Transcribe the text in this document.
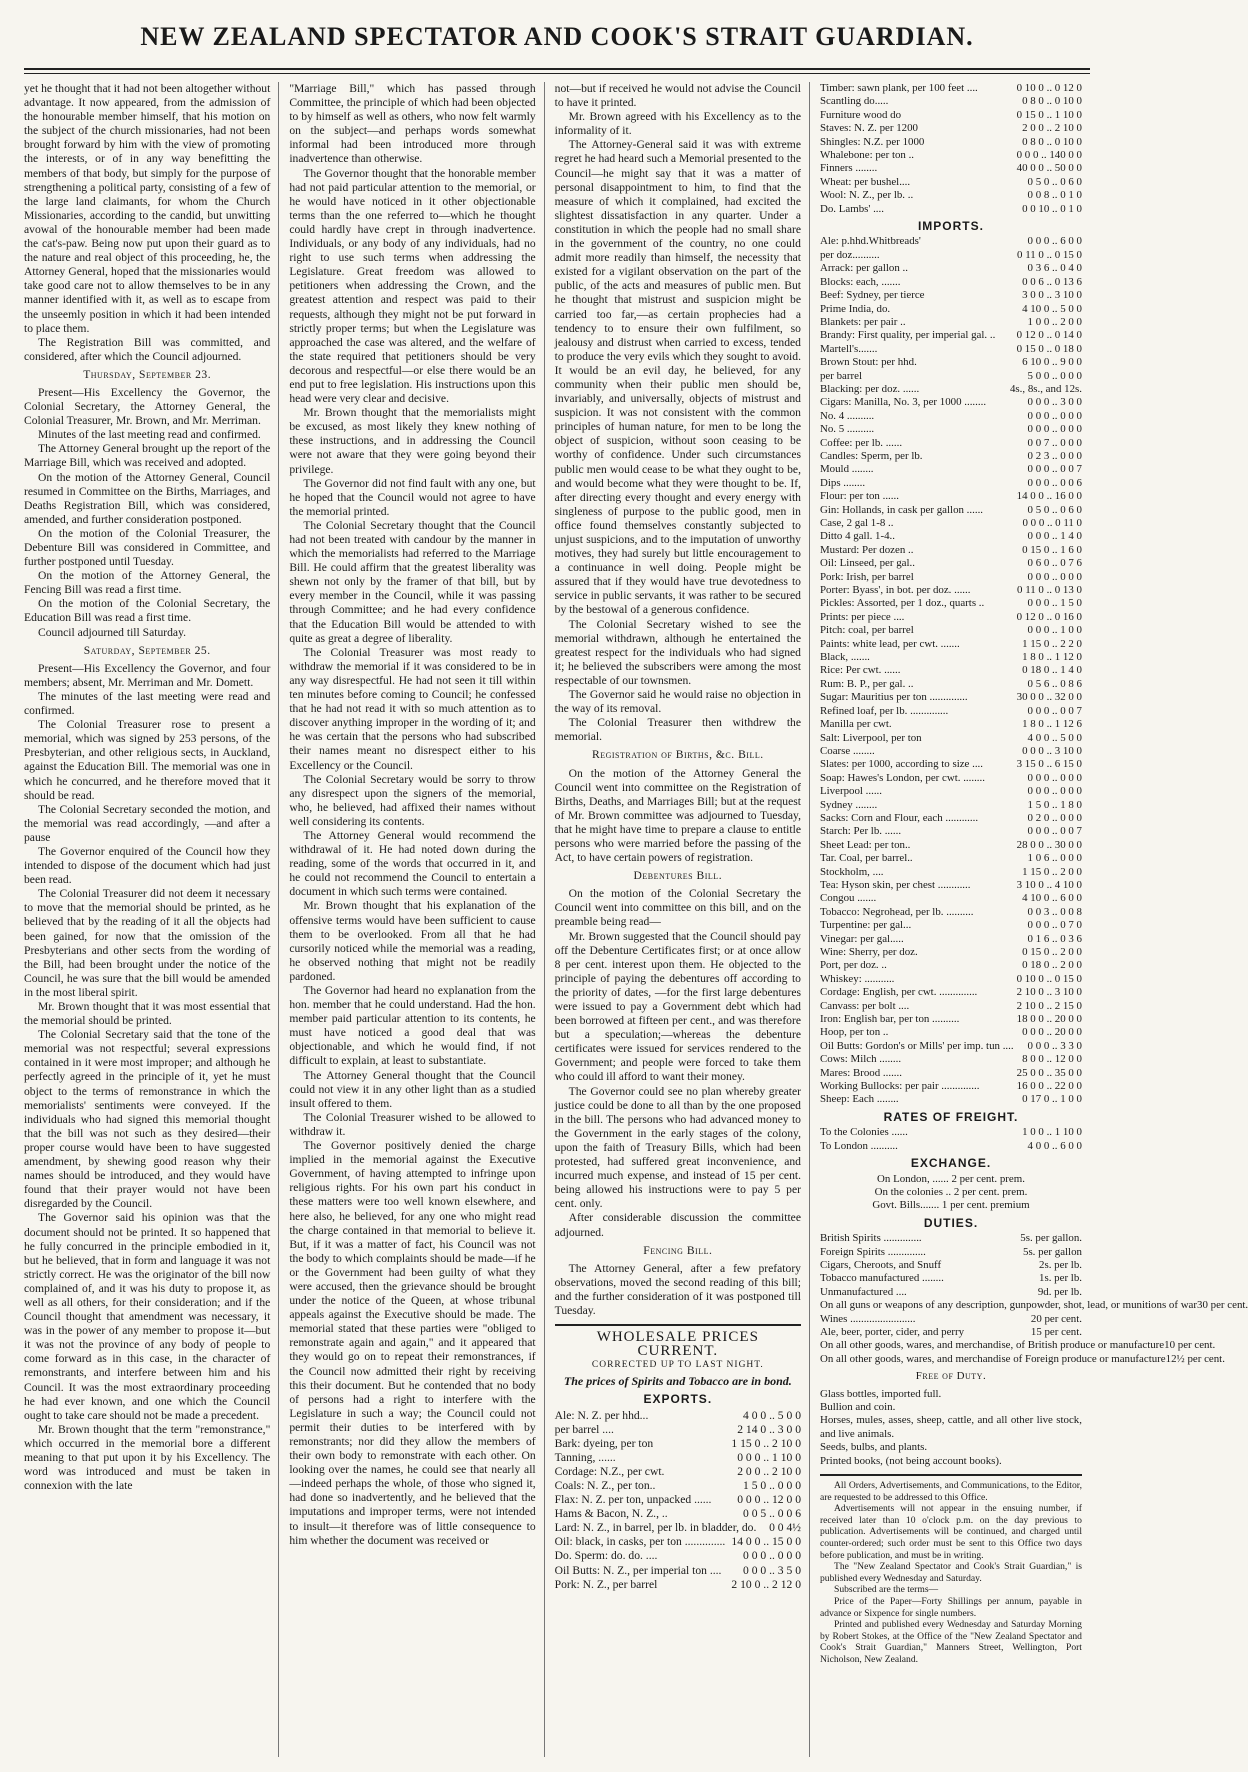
NEW ZEALAND SPECTATOR AND COOK'S STRAIT GUARDIAN.

yet he thought that it had not been altogether without advantage. It now appeared, from the admission of the honourable member himself, that his motion on the subject of the church missionaries, had not been brought forward by him with the view of promoting the interests, or of in any way benefitting the members of that body, but simply for the purpose of strengthening a political party, consisting of a few of the large land claimants, for whom the Church Missionaries, according to the candid, but unwitting avowal of the honourable member had been made the cat's-paw. Being now put upon their guard as to the nature and real object of this proceeding, he, the Attorney General, hoped that the missionaries would take good care not to allow themselves to be in any manner identified with it, as well as to escape from the unseemly position in which it had been intended to place them.

The Registration Bill was committed, and considered, after which the Council adjourned.

Thursday, September 23.

Present—His Excellency the Governor, the Colonial Secretary, the Attorney General, the Colonial Treasurer, Mr. Brown, and Mr. Merriman.

Minutes of the last meeting read and confirmed.

The Attorney General brought up the report of the Marriage Bill, which was received and adopted.

On the motion of the Attorney General, Council resumed in Committee on the Births, Marriages, and Deaths Registration Bill, which was considered, amended, and further consideration postponed.

On the motion of the Colonial Treasurer, the Debenture Bill was considered in Committee, and further postponed until Tuesday.

On the motion of the Attorney General, the Fencing Bill was read a first time.

On the motion of the Colonial Secretary, the Education Bill was read a first time.

Council adjourned till Saturday.

Saturday, September 25.

Present—His Excellency the Governor, and four members; absent, Mr. Merriman and Mr. Domett.

The minutes of the last meeting were read and confirmed.

The Colonial Treasurer rose to present a memorial, which was signed by 253 persons, of the Presbyterian, and other religious sects, in Auckland, against the Education Bill. The memorial was one in which he concurred, and he therefore moved that it should be read.

The Colonial Secretary seconded the motion, and the memorial was read accordingly, —and after a pause

The Governor enquired of the Council how they intended to dispose of the document which had just been read.

The Colonial Treasurer did not deem it necessary to move that the memorial should be printed, as he believed that by the reading of it all the objects had been gained, for now that the omission of the Presbyterians and other sects from the wording of the Bill, had been brought under the notice of the Council, he was sure that the bill would be amended in the most liberal spirit.

Mr. Brown thought that it was most essential that the memorial should be printed.

The Colonial Secretary said that the tone of the memorial was not respectful; several expressions contained in it were most improper; and although he perfectly agreed in the principle of it, yet he must object to the terms of remonstrance in which the memorialists' sentiments were conveyed. If the individuals who had signed this memorial thought that the bill was not such as they desired—their proper course would have been to have suggested amendment, by shewing good reason why their names should be introduced, and they would have found that their prayer would not have been disregarded by the Council.

The Governor said his opinion was that the document should not be printed. It so happened that he fully concurred in the principle embodied in it, but he believed, that in form and language it was not strictly correct. He was the originator of the bill now complained of, and it was his duty to propose it, as well as all others, for their consideration; and if the Council thought that amendment was necessary, it was in the power of any member to propose it—but it was not the province of any body of people to come forward as in this case, in the character of remonstrants, and interfere between him and his Council. It was the most extraordinary proceeding he had ever known, and one which the Council ought to take care should not be made a precedent.

Mr. Brown thought that the term "remonstrance," which occurred in the memorial bore a different meaning to that put upon it by his Excellency. The word was introduced and must be taken in connexion with the late

"Marriage Bill," which has passed through Committee, the principle of which had been objected to by himself as well as others, who now felt warmly on the subject—and perhaps words somewhat informal had been introduced more through inadvertence than otherwise.

The Governor thought that the honorable member had not paid particular attention to the memorial, or he would have noticed in it other objectionable terms than the one referred to—which he thought could hardly have crept in through inadvertence. Individuals, or any body of any individuals, had no right to use such terms when addressing the Legislature. Great freedom was allowed to petitioners when addressing the Crown, and the greatest attention and respect was paid to their requests, although they might not be put forward in strictly proper terms; but when the Legislature was approached the case was altered, and the welfare of the state required that petitioners should be very decorous and respectful—or else there would be an end put to free legislation. His instructions upon this head were very clear and decisive.

Mr. Brown thought that the memorialists might be excused, as most likely they knew nothing of these instructions, and in addressing the Council were not aware that they were going beyond their privilege.

The Governor did not find fault with any one, but he hoped that the Council would not agree to have the memorial printed.

The Colonial Secretary thought that the Council had not been treated with candour by the manner in which the memorialists had referred to the Marriage Bill. He could affirm that the greatest liberality was shewn not only by the framer of that bill, but by every member in the Council, while it was passing through Committee; and he had every confidence that the Education Bill would be attended to with quite as great a degree of liberality.

The Colonial Treasurer was most ready to withdraw the memorial if it was considered to be in any way disrespectful. He had not seen it till within ten minutes before coming to Council; he confessed that he had not read it with so much attention as to discover anything improper in the wording of it; and he was certain that the persons who had subscribed their names meant no disrespect either to his Excellency or the Council.

The Colonial Secretary would be sorry to throw any disrespect upon the signers of the memorial, who, he believed, had affixed their names without well considering its contents.

The Attorney General would recommend the withdrawal of it. He had noted down during the reading, some of the words that occurred in it, and he could not recommend the Council to entertain a document in which such terms were contained.

Mr. Brown thought that his explanation of the offensive terms would have been sufficient to cause them to be overlooked. From all that he had cursorily noticed while the memorial was a reading, he observed nothing that might not be readily pardoned.

The Governor had heard no explanation from the hon. member that he could understand. Had the hon. member paid particular attention to its contents, he must have noticed a good deal that was objectionable, and which he would find, if not difficult to explain, at least to substantiate.

The Attorney General thought that the Council could not view it in any other light than as a studied insult offered to them.

The Colonial Treasurer wished to be allowed to withdraw it.

The Governor positively denied the charge implied in the memorial against the Executive Government, of having attempted to infringe upon religious rights. For his own part his conduct in these matters were too well known elsewhere, and here also, he believed, for any one who might read the charge contained in that memorial to believe it. But, if it was a matter of fact, his Council was not the body to which complaints should be made—if he or the Government had been guilty of what they were accused, then the grievance should be brought under the notice of the Queen, at whose tribunal appeals against the Executive should be made. The memorial stated that these parties were "obliged to remonstrate again and again," and it appeared that they would go on to repeat their remonstrances, if the Council now admitted their right by receiving this their document. But he contended that no body of persons had a right to interfere with the Legislature in such a way; the Council could not permit their duties to be interfered with by remonstrants; nor did they allow the members of their own body to remonstrate with each other. On looking over the names, he could see that nearly all—indeed perhaps the whole, of those who signed it, had done so inadvertently, and he believed that the imputations and improper terms, were not intended to insult—it therefore was of little consequence to him whether the document was received or

not—but if received he would not advise the Council to have it printed.

Mr. Brown agreed with his Excellency as to the informality of it.

The Attorney-General said it was with extreme regret he had heard such a Memorial presented to the Council—he might say that it was a matter of personal disappointment to him, to find that the measure of which it complained, had excited the slightest dissatisfaction in any quarter. Under a constitution in which the people had no small share in the government of the country, no one could admit more readily than himself, the necessity that existed for a vigilant observation on the part of the public, of the acts and measures of public men. But he thought that mistrust and suspicion might be carried too far,—as certain prophecies had a tendency to to ensure their own fulfilment, so jealousy and distrust when carried to excess, tended to produce the very evils which they sought to avoid. It would be an evil day, he believed, for any community when their public men should be, invariably, and universally, objects of mistrust and suspicion. It was not consistent with the common principles of human nature, for men to be long the object of suspicion, without soon ceasing to be worthy of confidence. Under such circumstances public men would cease to be what they ought to be, and would become what they were thought to be. If, after directing every thought and every energy with singleness of purpose to the public good, men in office found themselves constantly subjected to unjust suspicions, and to the imputation of unworthy motives, they had surely but little encouragement to a continuance in well doing. People might be assured that if they would have true devotedness to service in public servants, it was rather to be secured by the bestowal of a generous confidence.

The Colonial Secretary wished to see the memorial withdrawn, although he entertained the greatest respect for the individuals who had signed it; he believed the subscribers were among the most respectable of our townsmen.

The Governor said he would raise no objection in the way of its removal.

The Colonial Treasurer then withdrew the memorial.

Registration of Births, &c. Bill.

On the motion of the Attorney General the Council went into committee on the Registration of Births, Deaths, and Marriages Bill; but at the request of Mr. Brown committee was adjourned to Tuesday, that he might have time to prepare a clause to entitle persons who were married before the passing of the Act, to have certain powers of registration.

Debentures Bill.

On the motion of the Colonial Secretary the Council went into committee on this bill, and on the preamble being read—

Mr. Brown suggested that the Council should pay off the Debenture Certificates first; or at once allow 8 per cent. interest upon them. He objected to the principle of paying the debentures off according to the priority of dates, —for the first large debentures were issued to pay a Government debt which had been borrowed at fifteen per cent., and was therefore but a speculation;—whereas the debenture certificates were issued for services rendered to the Government; and people were forced to take them who could ill afford to want their money.

The Governor could see no plan whereby greater justice could be done to all than by the one proposed in the bill. The persons who had advanced money to the Government in the early stages of the colony, upon the faith of Treasury Bills, which had been protested, had suffered great inconvenience, and incurred much expense, and instead of 15 per cent. being allowed his instructions were to pay 5 per cent. only.

After considerable discussion the committee adjourned.

Fencing Bill.

The Attorney General, after a few prefatory observations, moved the second reading of this bill; and the further consideration of it was postponed till Tuesday.

WHOLESALE PRICES CURRENT.
CORRECTED UP TO LAST NIGHT.
The prices of Spirits and Tobacco are in bond.
EXPORTS.
Ale: N. Z. per hhd...	4 0 0 .. 5 0 0
per barrel ....	2 14 0 .. 3 0 0
Bark: dyeing, per ton	1 15 0 .. 2 10 0
Tanning, ......	0 0 0 .. 1 10 0
Cordage: N.Z., per cwt.	2 0 0 .. 2 10 0
Coals: N. Z., per ton..	1 5 0 .. 0 0 0
Flax: N. Z. per ton, unpacked ...... 0 0 0 .. 12 0 0
Hams & Bacon, N. Z., ..	0 0 5 .. 0 0 6
Lard: N. Z., in barrel, per lb. in bladder, do. 0 0 4½
Oil: black, in casks, per ton .............. 14 0 0 .. 15 0 0
Do. Sperm: do. do. ....	0 0 0 .. 0 0 0
Oil Butts: N. Z., per imperial ton .... 0 0 0 .. 3 5 0
Pork: N. Z., per barrel	2 10 0 .. 2 12 0
Timber: sawn plank, per 100 feet ....	0 10 0 .. 0 12 0
Scantling do.....	0 8 0 .. 0 10 0
Furniture wood do	0 15 0 .. 1 10 0
Staves: N. Z. per 1200	2 0 0 .. 2 10 0
Shingles: N.Z. per 1000	0 8 0 .. 0 10 0
Whalebone: per ton ..	0 0 0 .. 140 0 0
Finners ........	40 0 0 .. 50 0 0
Wheat: per bushel....	0 5 0 .. 0 6 0
Wool: N. Z., per lb. ..	0 0 8 .. 0 1 0
Do. Lambs' ....	0 0 10 .. 0 1 0
IMPORTS.
Ale: p.hhd.Whitbreads'	0 0 0 .. 6 0 0
per doz..........	0 11 0 .. 0 15 0
Arrack: per gallon ..	0 3 6 .. 0 4 0
Blocks: each, .......	0 0 6 .. 0 13 6
Beef: Sydney, per tierce	3 0 0 .. 3 10 0
Prime India, do.	4 10 0 .. 5 0 0
Blankets: per pair ..	1 0 0 .. 2 0 0
Brandy: First quality, per imperial gal. .. 0 12 0 .. 0 14 0
Martell's.......	0 15 0 .. 0 18 0
Brown Stout: per hhd.	6 10 0 .. 9 0 0
per barrel	5 0 0 .. 0 0 0
Blacking: per doz. ......	4s., 8s., and 12s.
Cigars: Manilla, No. 3, per 1000 ........	0 0 0 .. 3 0 0
No. 4 ..........	0 0 0 .. 0 0 0
No. 5 ..........	0 0 0 .. 0 0 0
Coffee: per lb. ......	0 0 7 .. 0 0 0
Candles: Sperm, per lb.	0 2 3 .. 0 0 0
Mould ........	0 0 0 .. 0 0 7
Dips ........	0 0 0 .. 0 0 6
Flour: per ton ......	14 0 0 .. 16 0 0
Gin: Hollands, in cask per gallon ......	0 5 0 .. 0 6 0
Case, 2 gal 1-8 ..	0 0 0 .. 0 11 0
Ditto 4 gall. 1-4..	0 0 0 .. 1 4 0
Mustard: Per dozen ..	0 15 0 .. 1 6 0
Oil: Linseed, per gal..	0 6 0 .. 0 7 6
Pork: Irish, per barrel	0 0 0 .. 0 0 0
Porter: Byass', in bot. per doz. ......	0 11 0 .. 0 13 0
Pickles: Assorted, per 1 doz., quarts ..	0 0 0 .. 1 5 0
Prints: per piece ....	0 12 0 .. 0 16 0
Pitch: coal, per barrel	0 0 0 .. 1 0 0
Paints: white lead, per cwt. .......	1 15 0 .. 2 2 0
Black, .......	1 8 0 .. 1 12 0
Rice: Per cwt. ......	0 18 0 .. 1 4 0
Rum: B. P., per gal. ..	0 5 6 .. 0 8 6
Sugar: Mauritius per ton ..............	30 0 0 .. 32 0 0
Refined loaf, per lb. ..............	0 0 0 .. 0 0 7
Manilla per cwt.	1 8 0 .. 1 12 6
Salt: Liverpool, per ton	4 0 0 .. 5 0 0
Coarse ........	0 0 0 .. 3 10 0
Slates: per 1000, according to size ....	3 15 0 .. 6 15 0
Soap: Hawes's London, per cwt. ........	0 0 0 .. 0 0 0
Liverpool ......	0 0 0 .. 0 0 0
Sydney ........	1 5 0 .. 1 8 0
Sacks: Corn and Flour, each ............	0 2 0 .. 0 0 0
Starch: Per lb. ......	0 0 0 .. 0 0 7
Sheet Lead: per ton..	28 0 0 .. 30 0 0
Tar. Coal, per barrel..	1 0 6 .. 0 0 0
Stockholm, ....	1 15 0 .. 2 0 0
Tea: Hyson skin, per chest ............	3 10 0 .. 4 10 0
Congou .......	4 10 0 .. 6 0 0
Tobacco: Negrohead, per lb. ..........	0 0 3 .. 0 0 8
Turpentine: per gal...	0 0 0 .. 0 7 0
Vinegar: per gal.....	0 1 6 .. 0 3 6
Wine: Sherry, per doz.	0 15 0 .. 2 0 0
Port, per doz. ..	0 18 0 .. 2 0 0
Whiskey: ...........	0 10 0 .. 0 15 0
Cordage: English, per cwt. ..............	2 10 0 .. 3 10 0
Canvass: per bolt ....	2 10 0 .. 2 15 0
Iron: English bar, per ton ..........	18 0 0 .. 20 0 0
Hoop, per ton ..	0 0 0 .. 20 0 0
Oil Butts: Gordon's or Mills' per imp. tun .... 0 0 0 .. 3 3 0
Cows: Milch ........	8 0 0 .. 12 0 0
Mares: Brood .......	25 0 0 .. 35 0 0
Working Bullocks: per pair ..............	16 0 0 .. 22 0 0
Sheep: Each ........	0 17 0 .. 1 0 0
RATES OF FREIGHT.
To the Colonies ......	1 0 0 .. 1 10 0
To London ..........	4 0 0 .. 6 0 0
EXCHANGE.
On London, ...... 2 per cent. prem.
On the colonies .. 2 per cent. prem.
Govt. Bills....... 1 per cent. premium
DUTIES.
British Spirits ..............	5s. per gallon.
Foreign Spirits ..............	5s. per gallon
Cigars, Cheroots, and Snuff	2s. per lb.
Tobacco manufactured ........	1s. per lb.
Unmanufactured ....	9d. per lb.
On all guns or weapons of any description, gunpowder, shot, lead, or munitions of war 30 per cent.
Wines ........................	20 per cent.
Ale, beer, porter, cider, and perry	15 per cent.
On all other goods, wares, and merchandise, of British produce or manufacture 10 per cent.
On all other goods, wares, and merchandise of Foreign produce or manufacture 12½ per cent.
Free of Duty.
Glass bottles, imported full.
Bullion and coin.
Horses, mules, asses, sheep, cattle, and all other live stock, and live animals.
Seeds, bulbs, and plants.
Printed books, (not being account books).

All Orders, Advertisements, and Communications, to the Editor, are requested to be addressed to this Office.

Advertisements will not appear in the ensuing number, if received later than 10 o'clock p.m. on the day previous to publication. Advertisements will be continued, and charged until counter-ordered; such order must be sent to this Office two days before publication, and must be in writing.

The "New Zealand Spectator and Cook's Strait Guardian," is published every Wednesday and Saturday.

Subscribed are the terms—

Price of the Paper—Forty Shillings per annum, payable in advance or Sixpence for single numbers.

Printed and published every Wednesday and Saturday Morning by Robert Stokes, at the Office of the "New Zealand Spectator and Cook's Strait Guardian," Manners Street, Wellington, Port Nicholson, New Zealand.
